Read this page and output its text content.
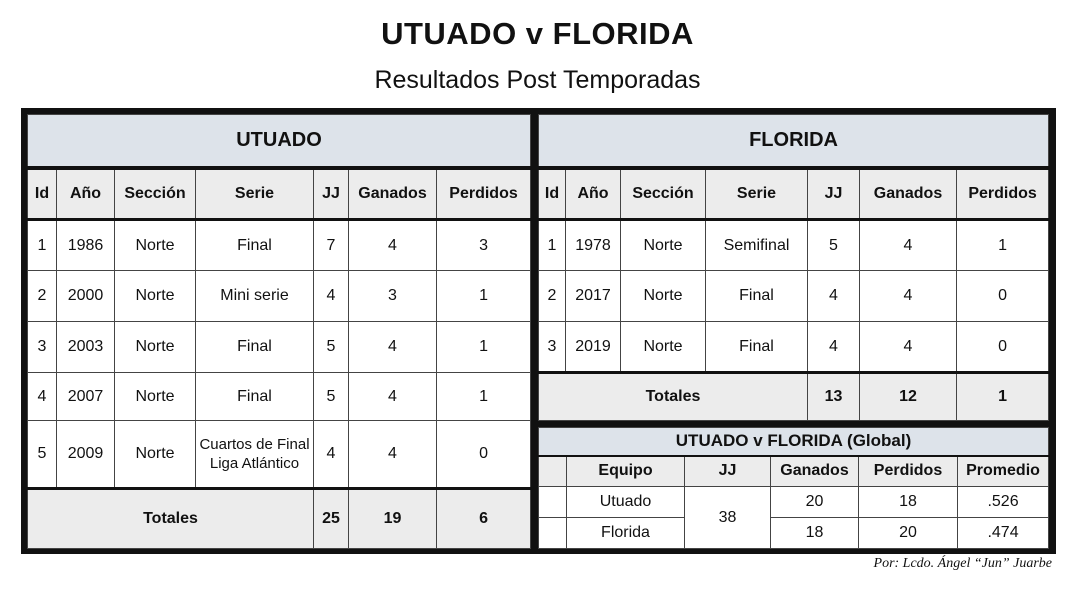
UTUADO v FLORIDA
Resultados Post Temporadas
UTUADO						
Id	Año	Sección	Serie	JJ	Ganados	Perdidos
1	1986	Norte	Final	7	4	3
2	2000	Norte	Mini serie	4	3	1
3	2003	Norte	Final	5	4	1
4	2007	Norte	Final	5	4	1
5	2009	Norte	Cuartos de Final
Liga Atlántico	4	4	0
Totales				25	19	6
FLORIDA						
Id	Año	Sección	Serie	JJ	Ganados	Perdidos
1	1978	Norte	Semifinal	5	4	1
2	2017	Norte	Final	4	4	0
3	2019	Norte	Final	4	4	0
Totales				13	12	1
UTUADO v FLORIDA (Global)					
	Equipo	JJ	Ganados	Perdidos	Promedio
	Utuado	38	20	18	.526
	Florida		18	20	.474
Por: Lcdo. Ángel “Jun” Juarbe
